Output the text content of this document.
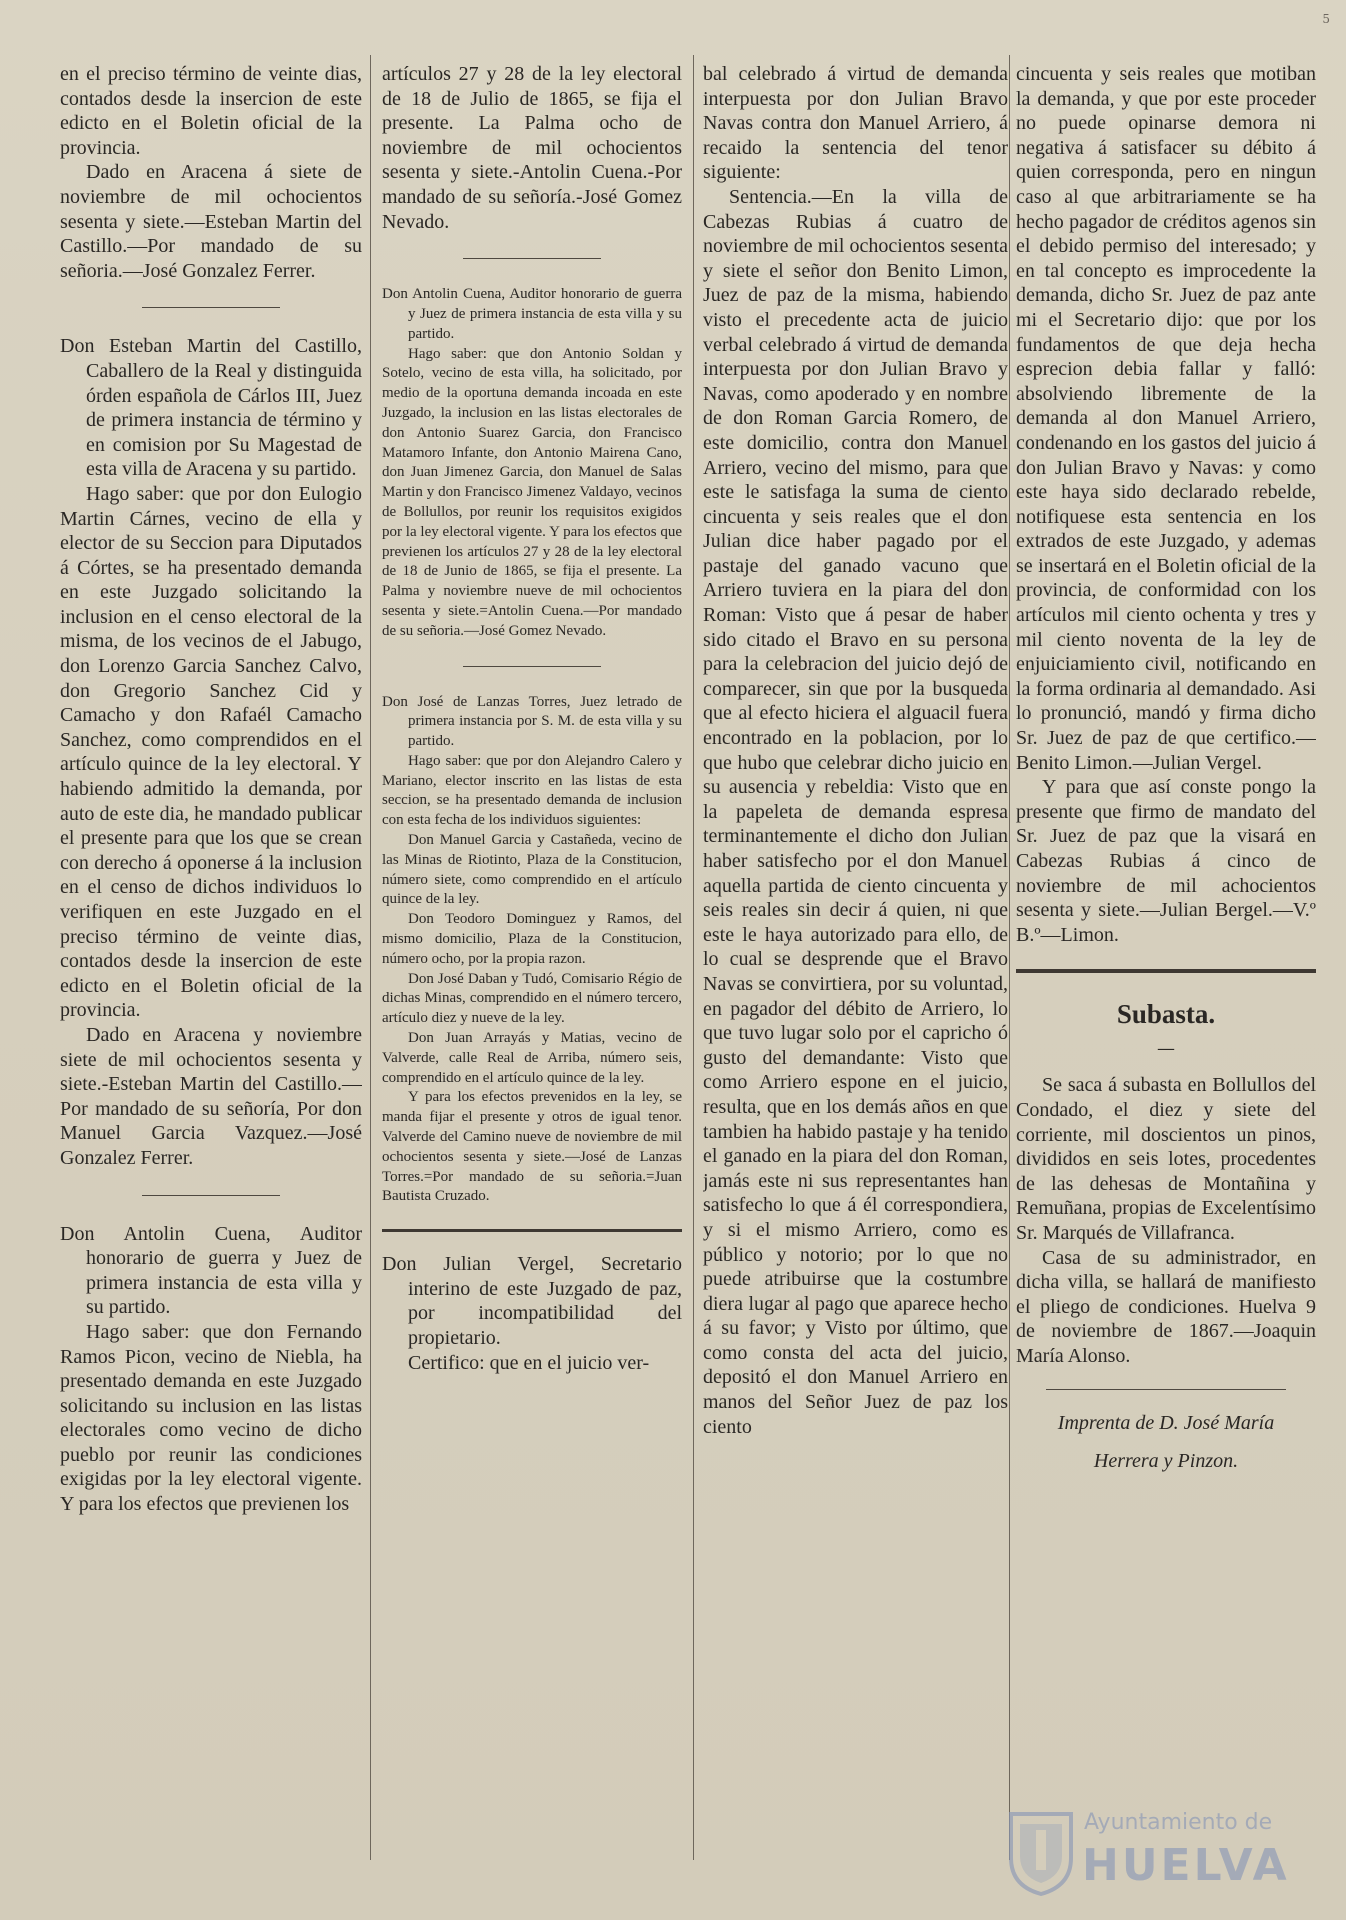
5

en el preciso término de veinte dias, contados desde la insercion de este edicto en el Boletin oficial de la provincia.

Dado en Aracena á siete de noviembre de mil ochocientos sesenta y siete.—Esteban Martin del Castillo.—Por mandado de su señoria.—José Gonzalez Ferrer.

Don Esteban Martin del Castillo, Caballero de la Real y distinguida órden española de Cárlos III, Juez de primera instancia de término y en comision por Su Magestad de esta villa de Aracena y su partido.

Hago saber: que por don Eulogio Martin Cárnes, vecino de ella y elector de su Seccion para Diputados á Córtes, se ha presentado demanda en este Juzgado solicitando la inclusion en el censo electoral de la misma, de los vecinos de el Jabugo, don Lorenzo Garcia Sanchez Calvo, don Gregorio Sanchez Cid y Camacho y don Rafaél Camacho Sanchez, como comprendidos en el artículo quince de la ley electoral. Y habiendo admitido la demanda, por auto de este dia, he mandado publicar el presente para que los que se crean con derecho á oponerse á la inclusion en el censo de dichos individuos lo verifiquen en este Juzgado en el preciso término de veinte dias, contados desde la insercion de este edicto en el Boletin oficial de la provincia.

Dado en Aracena y noviembre siete de mil ochocientos sesenta y siete.-Esteban Martin del Castillo.—Por mandado de su señoría, Por don Manuel Garcia Vazquez.—José Gonzalez Ferrer.

Don Antolin Cuena, Auditor honorario de guerra y Juez de primera instancia de esta villa y su partido.

Hago saber: que don Fernando Ramos Picon, vecino de Niebla, ha presentado demanda en este Juzgado solicitando su inclusion en las listas electorales como vecino de dicho pueblo por reunir las condiciones exigidas por la ley electoral vigente. Y para los efectos que previenen los

artículos 27 y 28 de la ley electoral de 18 de Julio de 1865, se fija el presente. La Palma ocho de noviembre de mil ochocientos sesenta y siete.-Antolin Cuena.-Por mandado de su señoría.-José Gomez Nevado.

Don Antolin Cuena, Auditor honorario de guerra y Juez de primera instancia de esta villa y su partido.

Hago saber: que don Antonio Soldan y Sotelo, vecino de esta villa, ha solicitado, por medio de la oportuna demanda incoada en este Juzgado, la inclusion en las listas electorales de don Antonio Suarez Garcia, don Francisco Matamoro Infante, don Antonio Mairena Cano, don Juan Jimenez Garcia, don Manuel de Salas Martin y don Francisco Jimenez Valdayo, vecinos de Bollullos, por reunir los requisitos exigidos por la ley electoral vigente. Y para los efectos que previenen los artículos 27 y 28 de la ley electoral de 18 de Junio de 1865, se fija el presente. La Palma y noviembre nueve de mil ochocientos sesenta y siete.=Antolin Cuena.—Por mandado de su señoria.—José Gomez Nevado.

Don José de Lanzas Torres, Juez letrado de primera instancia por S. M. de esta villa y su partido.

Hago saber: que por don Alejandro Calero y Mariano, elector inscrito en las listas de esta seccion, se ha presentado demanda de inclusion con esta fecha de los individuos siguientes:

Don Manuel Garcia y Castañeda, vecino de las Minas de Riotinto, Plaza de la Constitucion, número siete, como comprendido en el artículo quince de la ley.

Don Teodoro Dominguez y Ramos, del mismo domicilio, Plaza de la Constitucion, número ocho, por la propia razon.

Don José Daban y Tudó, Comisario Régio de dichas Minas, comprendido en el número tercero, artículo diez y nueve de la ley.

Don Juan Arrayás y Matias, vecino de Valverde, calle Real de Arriba, número seis, comprendido en el artículo quince de la ley.

Y para los efectos prevenidos en la ley, se manda fijar el presente y otros de igual tenor. Valverde del Camino nueve de noviembre de mil ochocientos sesenta y siete.—José de Lanzas Torres.=Por mandado de su señoria.=Juan Bautista Cruzado.

Don Julian Vergel, Secretario interino de este Juzgado de paz, por incompatibilidad del propietario.

Certifico: que en el juicio ver-

bal celebrado á virtud de demanda interpuesta por don Julian Bravo Navas contra don Manuel Arriero, á recaido la sentencia del tenor siguiente:

Sentencia.—En la villa de Cabezas Rubias á cuatro de noviembre de mil ochocientos sesenta y siete el señor don Benito Limon, Juez de paz de la misma, habiendo visto el precedente acta de juicio verbal celebrado á virtud de demanda interpuesta por don Julian Bravo y Navas, como apoderado y en nombre de don Roman Garcia Romero, de este domicilio, contra don Manuel Arriero, vecino del mismo, para que este le satisfaga la suma de ciento cincuenta y seis reales que el don Julian dice haber pagado por el pastaje del ganado vacuno que Arriero tuviera en la piara del don Roman: Visto que á pesar de haber sido citado el Bravo en su persona para la celebracion del juicio dejó de comparecer, sin que por la busqueda que al efecto hiciera el alguacil fuera encontrado en la poblacion, por lo que hubo que celebrar dicho juicio en su ausencia y rebeldia: Visto que en la papeleta de demanda espresa terminantemente el dicho don Julian haber satisfecho por el don Manuel aquella partida de ciento cincuenta y seis reales sin decir á quien, ni que este le haya autorizado para ello, de lo cual se desprende que el Bravo Navas se convirtiera, por su voluntad, en pagador del débito de Arriero, lo que tuvo lugar solo por el capricho ó gusto del demandante: Visto que como Arriero espone en el juicio, resulta, que en los demás años en que tambien ha habido pastaje y ha tenido el ganado en la piara del don Roman, jamás este ni sus representantes han satisfecho lo que á él correspondiera, y si el mismo Arriero, como es público y notorio; por lo que no puede atribuirse que la costumbre diera lugar al pago que aparece hecho á su favor; y Visto por último, que como consta del acta del juicio, depositó el don Manuel Arriero en manos del Señor Juez de paz los ciento

cincuenta y seis reales que motiban la demanda, y que por este proceder no puede opinarse demora ni negativa á satisfacer su débito á quien corresponda, pero en ningun caso al que arbitrariamente se ha hecho pagador de créditos agenos sin el debido permiso del interesado; y en tal concepto es improcedente la demanda, dicho Sr. Juez de paz ante mi el Secretario dijo: que por los fundamentos de que deja hecha esprecion debia fallar y falló: absolviendo libremente de la demanda al don Manuel Arriero, condenando en los gastos del juicio á don Julian Bravo y Navas: y como este haya sido declarado rebelde, notifiquese esta sentencia en los extrados de este Juzgado, y ademas se insertará en el Boletin oficial de la provincia, de conformidad con los artículos mil ciento ochenta y tres y mil ciento noventa de la ley de enjuiciamiento civil, notificando en la forma ordinaria al demandado. Asi lo pronunció, mandó y firma dicho Sr. Juez de paz de que certifico.—Benito Limon.—Julian Vergel.

Y para que así conste pongo la presente que firmo de mandato del Sr. Juez de paz que la visará en Cabezas Rubias á cinco de noviembre de mil achocientos sesenta y siete.—Julian Bergel.—V.º B.º—Limon.

Subasta.
—

Se saca á subasta en Bollullos del Condado, el diez y siete del corriente, mil doscientos un pinos, divididos en seis lotes, procedentes de las dehesas de Montañina y Remuñana, propias de Excelentísimo Sr. Marqués de Villafranca.

Casa de su administrador, en dicha villa, se hallará de manifiesto el pliego de condiciones. Huelva 9 de noviembre de 1867.—Joaquin María Alonso.

Imprenta de D. José María
Herrera y Pinzon.
Ayuntamiento de
HUELVA
